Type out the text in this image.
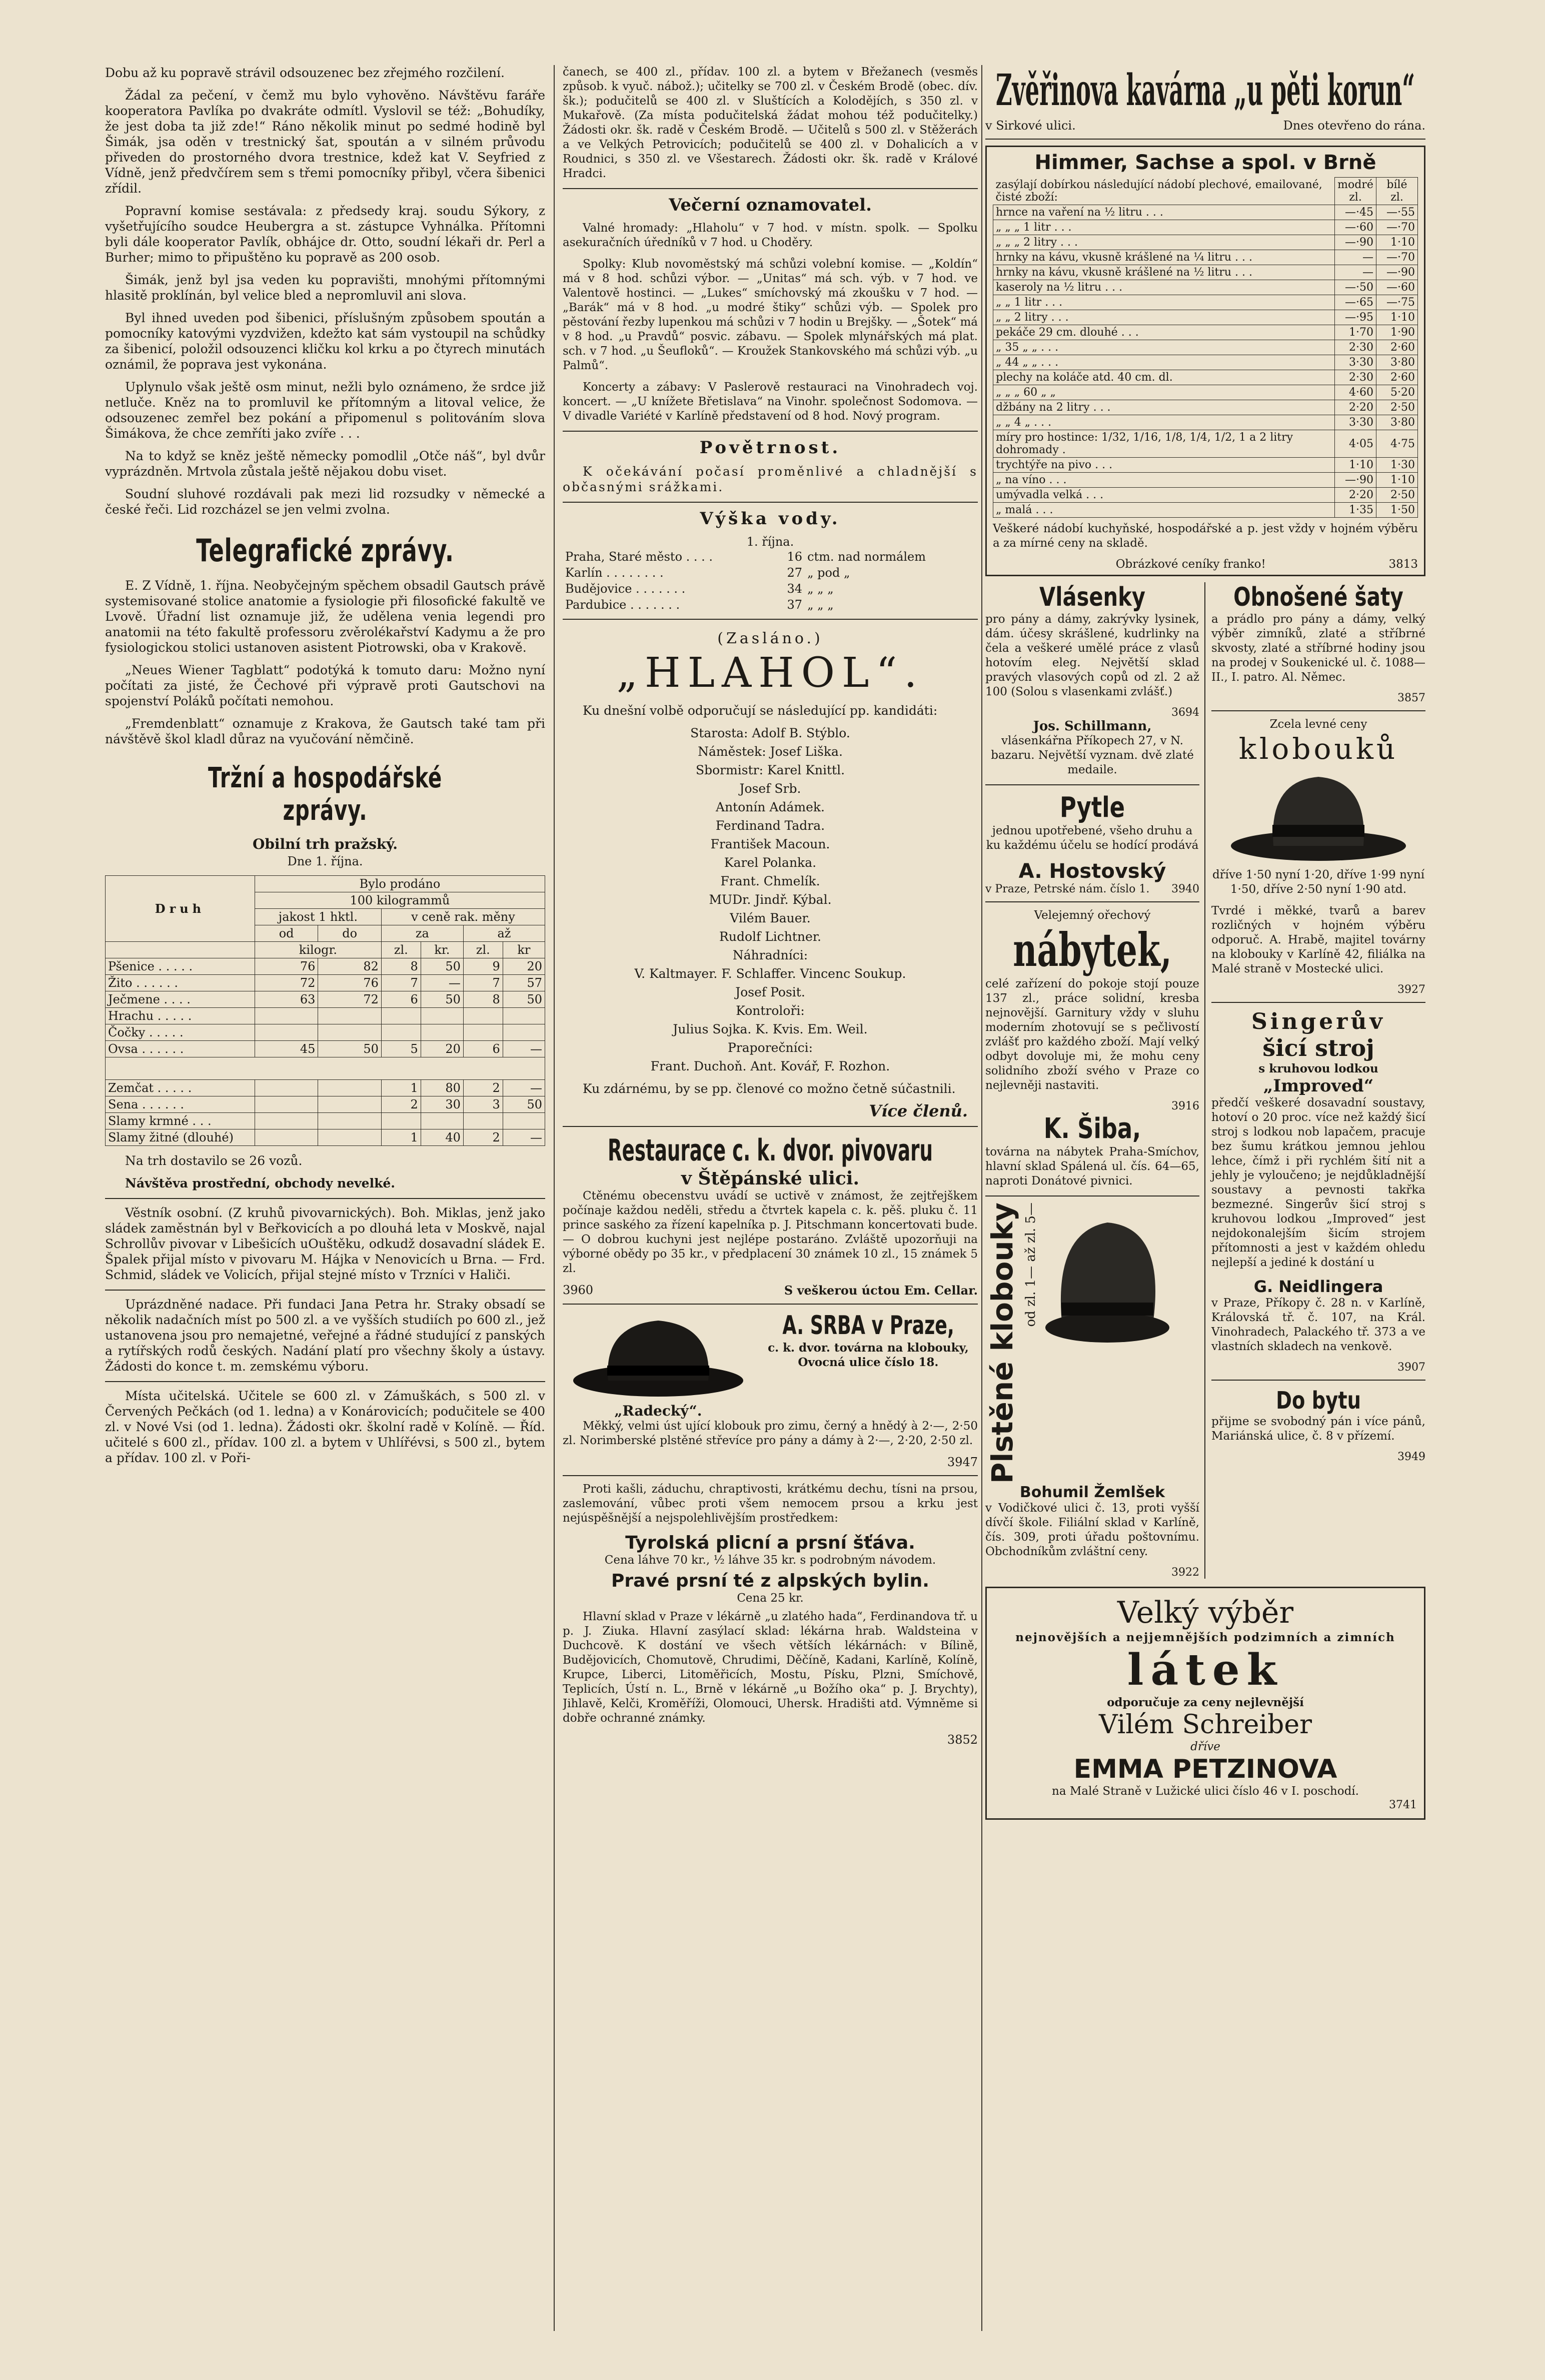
Dobu až ku popravě strávil odsouzenec bez zřejmého rozčilení.

Žádal za pečení, v čemž mu bylo vyhověno. Návštěvu faráře kooperatora Pavlíka po dvakráte odmítl. Vyslovil se též: „Bohudíky, že jest doba ta již zde!“ Ráno několik minut po sedmé hodině byl Šimák, jsa oděn v trestnický šat, spoután a v silném průvodu přiveden do prostorného dvora trestnice, kdež kat V. Seyfried z Vídně, jenž předvčírem sem s třemi pomocníky přibyl, včera šibenici zřídil.

Popravní komise sestávala: z předsedy kraj. soudu Sýkory, z vyšetřujícího soudce Heubergra a st. zástupce Vyhnálka. Přítomni byli dále kooperator Pavlík, obhájce dr. Otto, soudní lékaři dr. Perl a Burher; mimo to připuštěno ku popravě as 200 osob.

Šimák, jenž byl jsa veden ku popravišti, mnohými přítomnými hlasitě proklínán, byl velice bled a nepromluvil ani slova.

Byl ihned uveden pod šibenici, příslušným způsobem spoután a pomocníky katovými vyzdvižen, kdežto kat sám vystoupil na schůdky za šibenicí, položil odsouzenci kličku kol krku a po čtyrech minutách oznámil, že poprava jest vykonána.

Uplynulo však ještě osm minut, nežli bylo oznámeno, že srdce již netluče. Kněz na to promluvil ke přítomným a litoval velice, že odsouzenec zemřel bez pokání a připomenul s politováním slova Šimákova, že chce zemříti jako zvíře . . .

Na to když se kněz ještě německy pomodlil „Otče náš“, byl dvůr vyprázdněn. Mrtvola zůstala ještě nějakou dobu viset.

Soudní sluhové rozdávali pak mezi lid rozsudky v německé a české řeči. Lid rozcházel se jen velmi zvolna.

Telegrafické zprávy.

E. Z Vídně, 1. října. Neobyčejným spěchem obsadil Gautsch právě systemisované stolice anatomie a fysiologie při filosofické fakultě ve Lvově. Úřadní list oznamuje již, že udělena venia legendi pro anatomii na této fakultě professoru zvěrolékařství Kadymu a že pro fysiologickou stolici ustanoven asistent Piotrowski, oba v Krakově.

„Neues Wiener Tagblatt“ podotýká k tomuto daru: Možno nyní počítati za jisté, že Čechové při výpravě proti Gautschovi na spojenství Poláků počítati nemohou.

„Fremdenblatt“ oznamuje z Krakova, že Gautsch také tam při návštěvě škol kladl důraz na vyučování němčině.

Tržní a hospodářské zprávy.
Obilní trh pražský.
Dne 1. října.
Druh	Bylo prodáno					
	100 kilogrammů					
	jakost 1 hktl.		v ceně rak. měny			
	od	do	za		až	
	kilogr.		zl.	kr.	zl.	kr
Pšenice . . . . .	76	82	8	50	9	20
Žito . . . . . .	72	76	7	—	7	57
Ječmene . . . .	63	72	6	50	8	50
Hrachu . . . . .						
Čočky . . . . .						
Ovsa . . . . . .	45	50	5	20	6	—

Zemčat . . . . .			1	80	2	—
Sena . . . . . .			2	30	3	50
Slamy krmné . . .						
Slamy žitné (dlouhé)			1	40	2	—

Na trh dostavilo se 26 vozů.

Návštěva prostřední, obchody nevelké.

Věstník osobní. (Z kruhů pivovarnických). Boh. Miklas, jenž jako sládek zaměstnán byl v Beřkovicích a po dlouhá leta v Moskvě, najal Schrollův pivovar v Libešicích uOuštěku, odkudž dosavadní sládek E. Špalek přijal místo v pivovaru M. Hájka v Nenovicích u Brna. — Frd. Schmid, sládek ve Volicích, přijal stejné místo v Trzníci v Haliči.

Uprázdněné nadace. Při fundaci Jana Petra hr. Straky obsadí se několik nadačních míst po 500 zl. a ve vyšších studiích po 600 zl., jež ustanovena jsou pro nemajetné, veřejné a řádné studující z panských a rytířských rodů českých. Nadání platí pro všechny školy a ústavy. Žádosti do konce t. m. zemskému výboru.

Místa učitelská. Učitele se 600 zl. v Zámuškách, s 500 zl. v Červených Pečkách (od 1. ledna) a v Konárovicích; podučitele se 400 zl. v Nové Vsi (od 1. ledna). Žádosti okr. školní radě v Kolíně. — Říd. učitelé s 600 zl., přídav. 100 zl. a bytem v Uhlířévsi, s 500 zl., bytem a přídav. 100 zl. v Poři-

čanech, se 400 zl., přídav. 100 zl. a bytem v Břežanech (vesměs způsob. k vyuč. nábož.); učitelky se 700 zl. v Českém Brodě (obec. dív. šk.); podučitelů se 400 zl. v Sluštících a Kolodějích, s 350 zl. v Mukařově. (Za místa podučitelská žádat mohou též podučitelky.) Žádosti okr. šk. radě v Českém Brodě. — Učitelů s 500 zl. v Stěžerách a ve Velkých Petrovicích; podučitelů se 400 zl. v Dohalicích a v Roudnici, s 350 zl. ve Všestarech. Žádosti okr. šk. radě v Králové Hradci.

Večerní oznamovatel.

Valné hromady: „Hlaholu“ v 7 hod. v místn. spolk. — Spolku asekuračních úředníků v 7 hod. u Choděry.

Spolky: Klub novoměstský má schůzi volební komise. — „Koldín“ má v 8 hod. schůzi výbor. — „Unitas“ má sch. výb. v 7 hod. ve Valentově hostinci. — „Lukes“ smíchovský má zkoušku v 7 hod. — „Barák“ má v 8 hod. „u modré štiky“ schůzi výb. — Spolek pro pěstování řezby lupenkou má schůzi v 7 hodin u Brejšky. — „Šotek“ má v 8 hod. „u Pravdů“ posvic. zábavu. — Spolek mlynářských má plat. sch. v 7 hod. „u Šeufloků“. — Kroužek Stankovského má schůzi výb. „u Palmů“.

Koncerty a zábavy: V Paslerově restauraci na Vinohradech voj. koncert. — „U knížete Břetislava“ na Vinohr. společnost Sodomova. — V divadle Variété v Karlíně představení od 8 hod. Nový program.

Povětrnost.

K očekávání počasí proměnlivé a chladnější s občasnými srážkami.

Výška vody.
1. října.
Praha, Staré město . . . .	16	ctm. nad normálem
Karlín . . . . . . . .	27	„ pod „
Budějovice . . . . . . .	34	„ „ „
Pardubice . . . . . . .	37	„ „ „
(Zasláno.)
„HLAHOL“.

Ku dnešní volbě odporučují se následující pp. kandidáti:

Starosta: Adolf B. Stýblo.

Náměstek: Josef Liška.

Sbormistr: Karel Knittl.

Josef Srb.

Antonín Adámek.

Ferdinand Tadra.

František Macoun.

Karel Polanka.

Frant. Chmelík.

MUDr. Jindř. Kýbal.

Vilém Bauer.

Rudolf Lichtner.

Náhradníci:

V. Kaltmayer. F. Schlaffer. Vincenc Soukup.

Josef Posit.

Kontroloři:

Julius Sojka. K. Kvis. Em. Weil.

Praporečníci:

Frant. Duchoň. Ant. Kovář, F. Rozhon.

Ku zdárnému, by se pp. členové co možno četně súčastnili.

Více členů.

Restaurace c. k. dvor. pivovaru
v Štěpánské ulici.

Ctěnému obecenstvu uvádí se uctivě v známost, že zejtřejškem počínaje každou neděli, středu a čtvrtek kapela c. k. pěš. pluku č. 11 prince saského za řízení kapelníka p. J. Pitschmann koncertovati bude. — O dobrou kuchyni jest nejlépe postaráno. Zvláště upozorňuji na výborné obědy po 35 kr., v předplacení 30 známek 10 zl., 15 známek 5 zl.

3960	S veškerou úctou Em. Cellar.
„Radecký“.
A. SRBA v Praze,

c. k. dvor. továrna na klobouky, Ovocná ulice číslo 18.

Měkký, velmi úst ující klobouk pro zimu, černý a hnědý à 2·—, 2·50 zl. Norimberské plstěné střevíce pro pány a dámy à 2·—, 2·20, 2·50 zl.

3947

Proti kašli, záduchu, chraptivosti, krátkému dechu, tísni na prsou, zaslemování, vůbec proti všem nemocem prsou a krku jest nejúspěšnější a nejspolehlivějším prostředkem:

Tyrolská plicní a prsní šťáva.
Cena láhve 70 kr., ½ láhve 35 kr. s podrobným návodem.
Pravé prsní té z alpských bylin.
Cena 25 kr.

Hlavní sklad v Praze v lékárně „u zlatého hada“, Ferdinandova tř. u p. J. Ziuka. Hlavní zasýlací sklad: lékárna hrab. Waldsteina v Duchcově. K dostání ve všech větších lékárnách: v Bílině, Budějovicích, Chomutově, Chrudimi, Děčíně, Kadani, Karlíně, Kolíně, Krupce, Liberci, Litoměřicích, Mostu, Písku, Plzni, Smíchově, Teplicích, Ústí n. L., Brně v lékárně „u Božího oka“ p. J. Brychty), Jihlavě, Kelči, Kroměříži, Olomouci, Uhersk. Hradišti atd. Výmněme si dobře ochranné známky.

3852
Zvěřinova kavárna „u pěti korun“
v Sirkové ulici.	Dnes otevřeno do rána.
Himmer, Sachse a spol. v Brně
zasýlají dobírkou následující nádobí plechové, emailované, čisté zboží:	modré zl.	bílé zl.
hrnce na vaření na ½ litru . . .	—·45	—·55
„ „ „ 1 litr . . .	—·60	—·70
„ „ „ 2 litry . . .	—·90	1·10
hrnky na kávu, vkusně krášlené na ¼ litru . . .	—	—·70
hrnky na kávu, vkusně krášlené na ½ litru . . .	—	—·90
kaseroly na ½ litru . . .	—·50	—·60
„ „ 1 litr . . .	—·65	—·75
„ „ 2 litry . . .	—·95	1·10
pekáče 29 cm. dlouhé . . .	1·70	1·90
„ 35 „ „ . . .	2·30	2·60
„ 44 „ „ . . .	3·30	3·80
plechy na koláče atd. 40 cm. dl.	2·30	2·60
„ „ „ 60 „ „	4·60	5·20
džbány na 2 litry . . .	2·20	2·50
„ „ 4 „ . . .	3·30	3·80
míry pro hostince: 1/32, 1/16, 1/8, 1/4, 1/2, 1 a 2 litry dohromady .	4·05	4·75
trychtýře na pivo . . .	1·10	1·30
„ na víno . . .	—·90	1·10
umývadla velká . . .	2·20	2·50
„ malá . . .	1·35	1·50

Veškeré nádobí kuchyňské, hospodářské a p. jest vždy v hojném výběru a za mírné ceny na skladě.

Obrázkové ceníky franko!	3813
Vlásenky

pro pány a dámy, zakrývky lysinek, dám. účesy skrášlené, kudrlinky na čela a veškeré umělé práce z vlasů hotovím eleg. Největší sklad pravých vlasových copů od zl. 2 až 100 (Solou s vlasenkami zvlášť.)

3694
Jos. Schillmann,

vlásenkářna Příkopech 27, v N. bazaru. Největší vyznam. dvě zlaté medaile.

Pytle

jednou upotřebené, všeho druhu a ku každému účelu se hodící prodává

A. Hostovský
v Praze, Petrské nám. číslo 1. 3940
Velejemný ořechový
nábytek,

celé zařízení do pokoje stojí pouze 137 zl., práce solidní, kresba nejnovější. Garnitury vždy v sluhu moderním zhotovují se s pečlivostí zvlášť pro každého zboží. Mají velký odbyt dovoluje mi, že mohu ceny solidního zboží svého v Praze co nejlevněji nastaviti.

3916
K. Šiba,

továrna na nábytek Praha-Smíchov, hlavní sklad Spálená ul. čís. 64—65, naproti Donátové pivnici.

Plstěné klobouky od zl. 1— až zl. 5—
Bohumil Žemlšek

v Vodičkové ulici č. 13, proti vyšší dívčí škole. Filiální sklad v Karlíně, čís. 309, proti úřadu poštovnímu. Obchodníkům zvláštní ceny.

3922
Obnošené šaty

a prádlo pro pány a dámy, velký výběr zimníků, zlaté a stříbrné skvosty, zlaté a stříbrné hodiny jsou na prodej v Soukenické ul. č. 1088—II., I. patro. Al. Němec.

3857
Zcela levné ceny
klobouků

dříve 1·50 nyní 1·20, dříve 1·99 nyní 1·50, dříve 2·50 nyní 1·90 atd.

Tvrdé i měkké, tvarů a barev rozličných v hojném výběru odporuč. A. Hrabě, majitel továrny na klobouky v Karlíně 42, filiálka na Malé straně v Mostecké ulici.

3927
Singerův
šicí stroj
s kruhovou lodkou
„Improved“

předčí veškeré dosavadní soustavy, hotoví o 20 proc. více než každý šicí stroj s lodkou nob lapačem, pracuje bez šumu krátkou jemnou jehlou lehce, čímž i při rychlém šití nit a jehly je vyloučeno; je nejdůkladnější soustavy a pevnosti takřka bezmezné. Singerův šicí stroj s kruhovou lodkou „Improved“ jest nejdokonalejším šicím strojem přítomnosti a jest v každém ohledu nejlepší a jediné k dostání u

G. Neidlingera

v Praze, Příkopy č. 28 n. v Karlíně, Královská tř. č. 107, na Král. Vinohradech, Palackého tř. 373 a ve vlastních skladech na venkově.

3907
Do bytu

přijme se svobodný pán i více pánů, Mariánská ulice, č. 8 v přízemí.

3949
Velký výběr
nejnovějších a nejjemnějších podzimních a zimních
látek
odporučuje za ceny nejlevnější
Vilém Schreiber
dříve
EMMA PETZINOVA
na Malé Straně v Lužické ulici číslo 46 v I. poschodí.
3741
